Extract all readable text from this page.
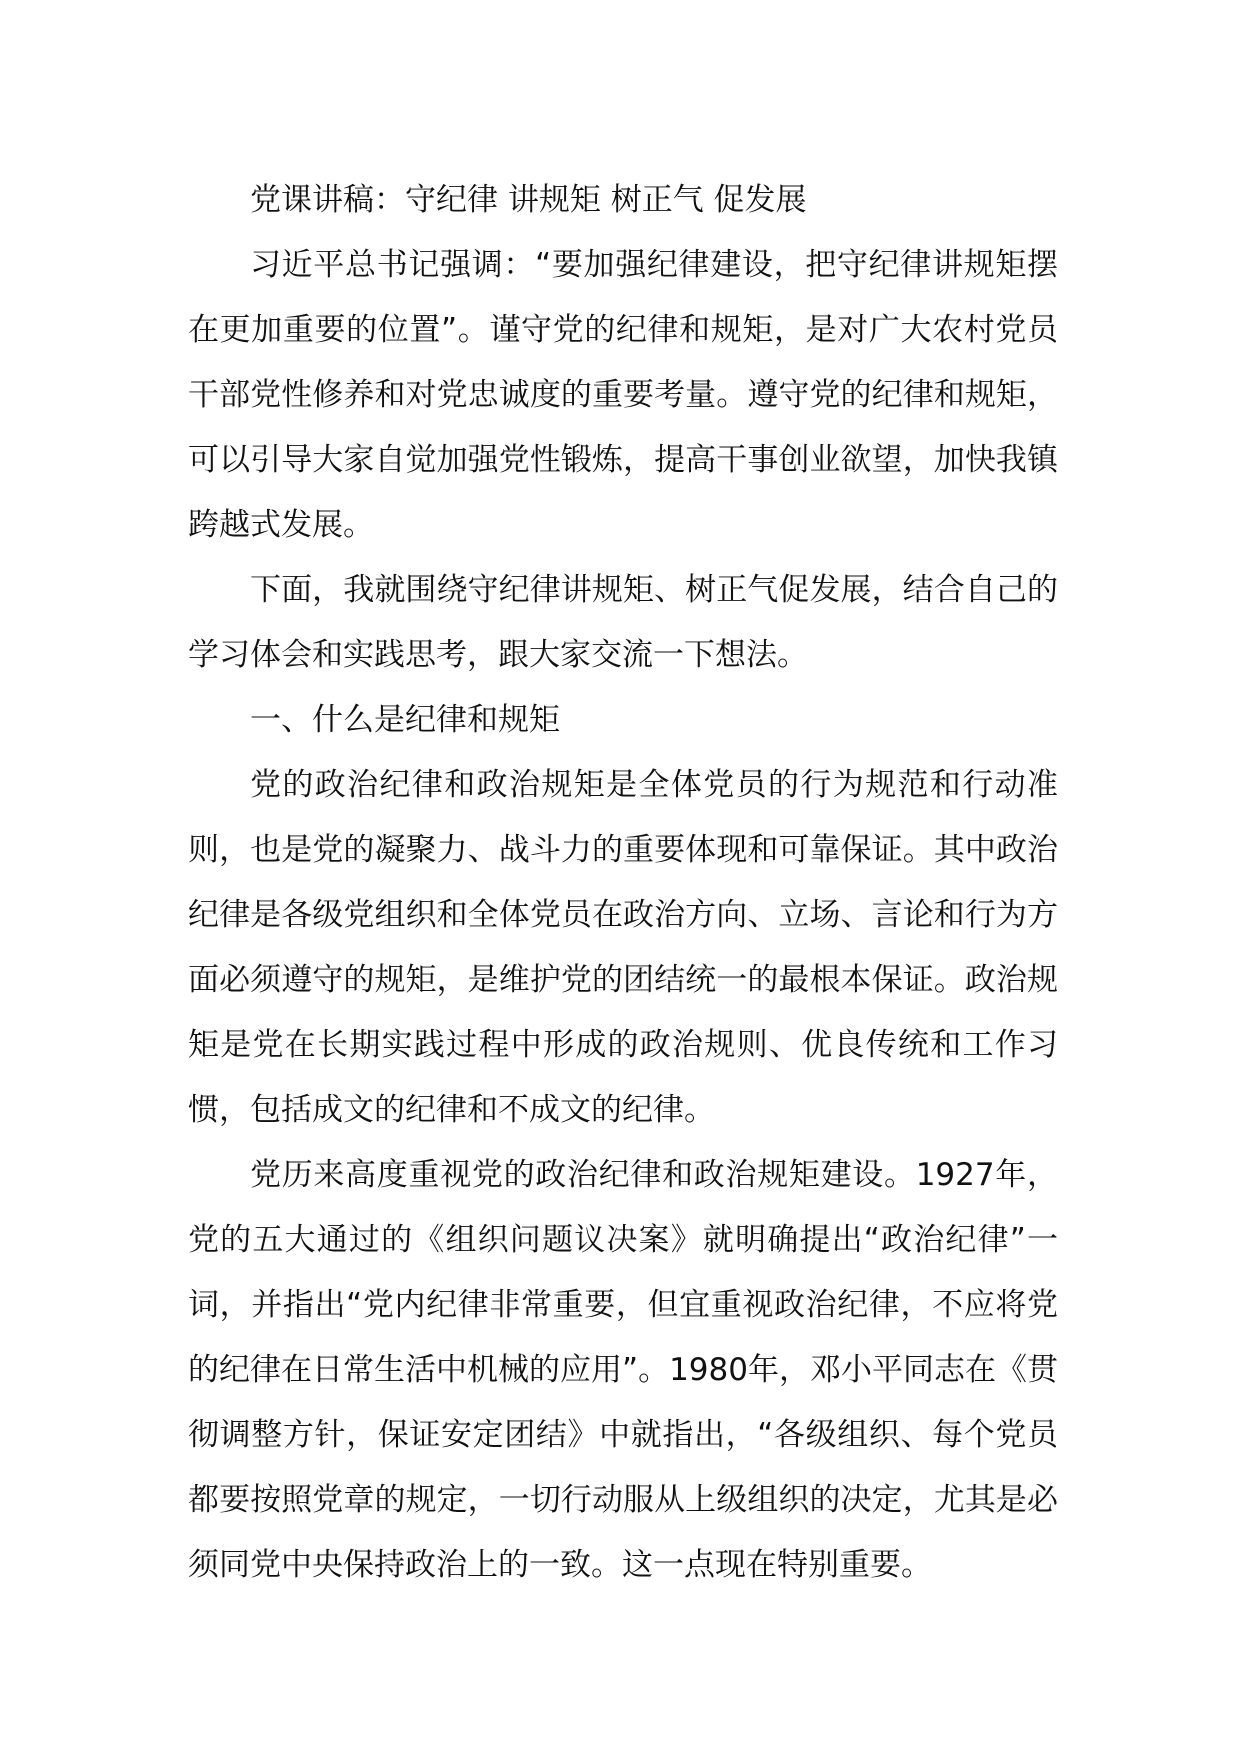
党课讲稿：守纪律 讲规矩 树正气 促发展

习近平总书记强调：“要加强纪律建设，把守纪律讲规矩摆在更加重要的位置”。谨守党的纪律和规矩，是对广大农村党员干部党性修养和对党忠诚度的重要考量。遵守党的纪律和规矩，可以引导大家自觉加强党性锻炼，提高干事创业欲望，加快我镇跨越式发展。

下面，我就围绕守纪律讲规矩、树正气促发展，结合自己的学习体会和实践思考，跟大家交流一下想法。

一、什么是纪律和规矩

党的政治纪律和政治规矩是全体党员的行为规范和行动准则，也是党的凝聚力、战斗力的重要体现和可靠保证。其中政治纪律是各级党组织和全体党员在政治方向、立场、言论和行为方面必须遵守的规矩，是维护党的团结统一的最根本保证。政治规矩是党在长期实践过程中形成的政治规则、优良传统和工作习惯，包括成文的纪律和不成文的纪律。

党历来高度重视党的政治纪律和政治规矩建设。1927年，党的五大通过的《组织问题议决案》就明确提出“政治纪律”一词，并指出“党内纪律非常重要，但宜重视政治纪律，不应将党的纪律在日常生活中机械的应用”。1980年，邓小平同志在《贯彻调整方针，保证安定团结》中就指出，“各级组织、每个党员都要按照党章的规定，一切行动服从上级组织的决定，尤其是必须同党中央保持政治上的一致。这一点现在特别重要。
